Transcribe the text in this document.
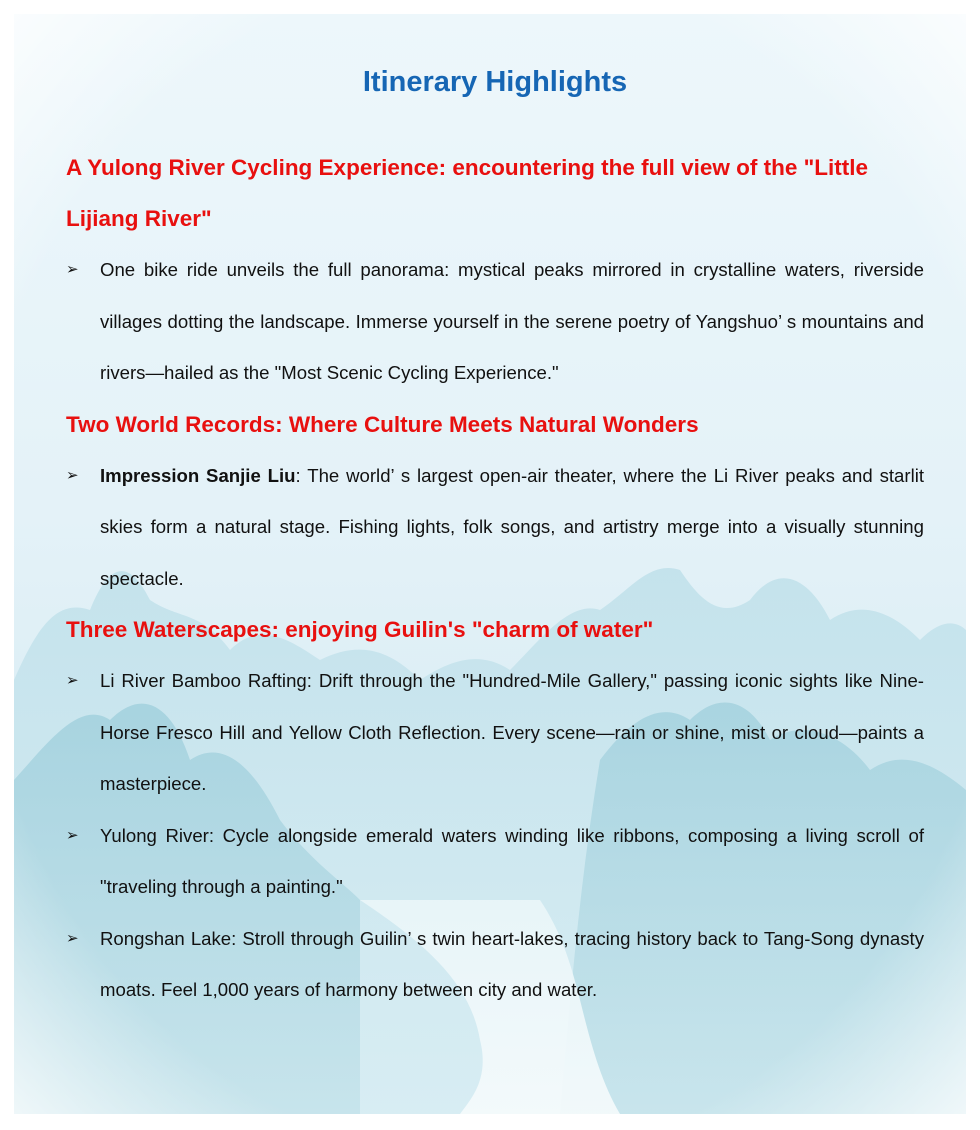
Itinerary Highlights
A Yulong River Cycling Experience: encountering the full view of the "Little Lijiang River"
➢ One bike ride unveils the full panorama: mystical peaks mirrored in crystalline waters, riverside villages dotting the landscape. Immerse yourself in the serene poetry of Yangshuo’ s mountains and rivers—hailed as the "Most Scenic Cycling Experience."
Two World Records: Where Culture Meets Natural Wonders
➢ Impression Sanjie Liu: The world’ s largest open-air theater, where the Li River peaks and starlit skies form a natural stage. Fishing lights, folk songs, and artistry merge into a visually stunning spectacle.
Three Waterscapes: enjoying Guilin's "charm of water"
➢ Li River Bamboo Rafting: Drift through the "Hundred-Mile Gallery," passing iconic sights like Nine-Horse Fresco Hill and Yellow Cloth Reflection. Every scene—rain or shine, mist or cloud—paints a masterpiece.
➢ Yulong River: Cycle alongside emerald waters winding like ribbons, composing a living scroll of "traveling through a painting."
➢ Rongshan Lake: Stroll through Guilin’ s twin heart-lakes, tracing history back to Tang-Song dynasty moats. Feel 1,000 years of harmony between city and water.
